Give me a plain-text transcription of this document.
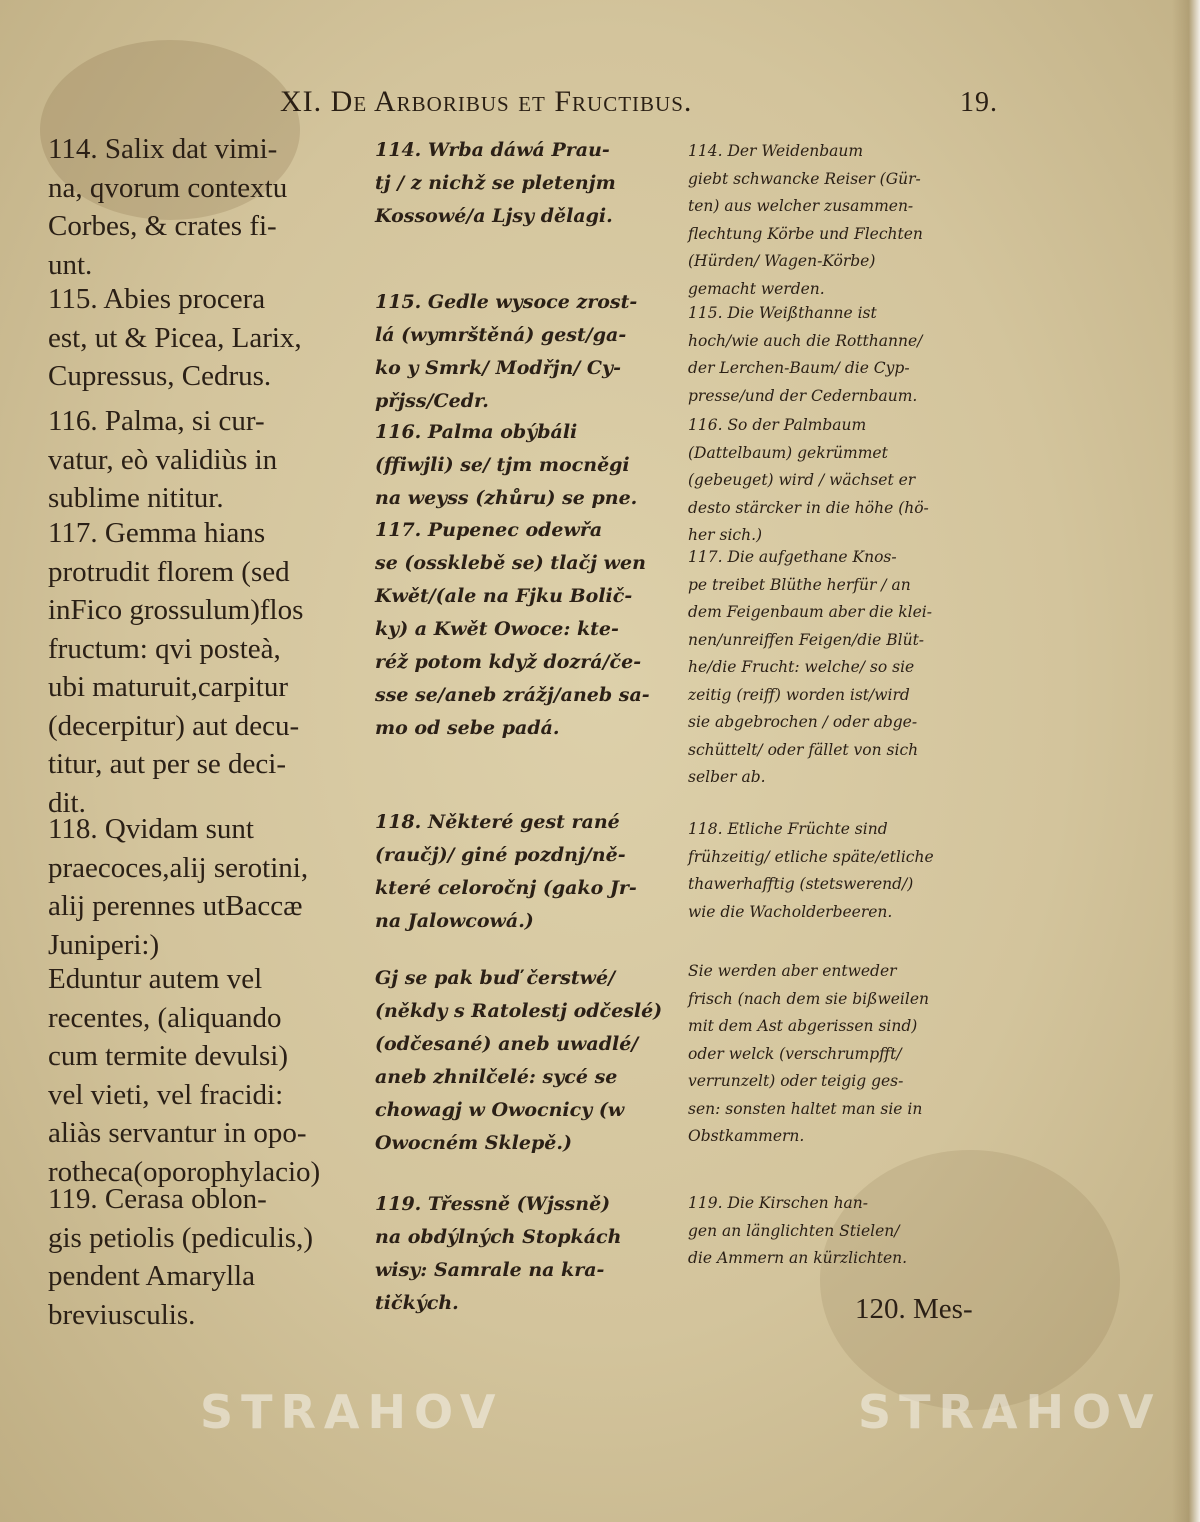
XI. De Arboribus et Fructibus.	19.

114. Salix dat vimi-
na, qvorum contextu
Corbes, & crates fi-
unt.

115. Abies procera
est, ut & Picea, Larix,
Cupressus, Cedrus.

116. Palma, si cur-
vatur, eò validiùs in
sublime nititur.

117. Gemma hians
protrudit florem (sed
inFico grossulum)flos
fructum: qvi posteà,
ubi maturuit,carpitur
(decerpitur) aut decu-
titur, aut per se deci-
dit.

118. Qvidam sunt
praecoces,alij serotini,
alij perennes utBaccæ
Juniperi:)

Eduntur autem vel
recentes, (aliquando
cum termite devulsi)
vel vieti, vel fracidi:
aliàs servantur in opo-
rotheca(oporophylacio)

119. Cerasa oblon-
gis petiolis (pediculis,)
pendent Amarylla
breviusculis.

114. Wrba dáwá Prau-
tj / z nichž se pletenjm
Kossowé/a Ljsy dělagi.

115. Gedle wysoce zrost-
lá (wymrštěná) gest/ga-
ko y Smrk/ Modřjn/ Cy-
přjss/Cedr.

116. Palma obýbáli
(ffiwjli) se/ tjm mocněgi
na weyss (zhůru) se pne.

117. Pupenec odewřa
se (ossklebě se) tlačj wen
Kwět/(ale na Fjku Bolič-
ky) a Kwět Owoce: kte-
réž potom když dozrá/če-
sse se/aneb zrážj/aneb sa-
mo od sebe padá.

118. Některé gest rané
(raučj)/ giné pozdnj/ně-
které celoročnj (gako Jr-
na Jalowcowá.)

Gj se pak buď čerstwé/
(někdy s Ratolestj odčeslé)
(odčesané) aneb uwadlé/
aneb zhnilčelé: sycé se
chowagj w Owocnicy (w
Owocném Sklepě.)

119. Třessně (Wjssně)
na obdýlných Stopkách
wisy: Samrale na kra-
tičkých.

114. Der Weidenbaum
giebt schwancke Reiser (Gür-
ten) aus welcher zusammen-
flechtung Körbe und Flechten
(Hürden/ Wagen-Körbe)
gemacht werden.

115. Die Weißthanne ist
hoch/wie auch die Rotthanne/
der Lerchen-Baum/ die Cyp-
presse/und der Cedernbaum.

116. So der Palmbaum
(Dattelbaum) gekrümmet
(gebeuget) wird / wächset er
desto stärcker in die höhe (hö-
her sich.)

117. Die aufgethane Knos-
pe treibet Blüthe herfür / an
dem Feigenbaum aber die klei-
nen/unreiffen Feigen/die Blüt-
he/die Frucht: welche/ so sie
zeitig (reiff) worden ist/wird
sie abgebrochen / oder abge-
schüttelt/ oder fället von sich
selber ab.

118. Etliche Früchte sind
frühzeitig/ etliche späte/etliche
thawerhafftig (stetswerend/)
wie die Wacholderbeeren.

Sie werden aber entweder
frisch (nach dem sie bißweilen
mit dem Ast abgerissen sind)
oder welck (verschrumpfft/
verrunzelt) oder teigig ges-
sen: sonsten haltet man sie in
Obstkammern.

119. Die Kirschen han-
gen an länglichten Stielen/
die Ammern an kürzlichten.

120. Mes-
STRAHOV	STRAHOV
